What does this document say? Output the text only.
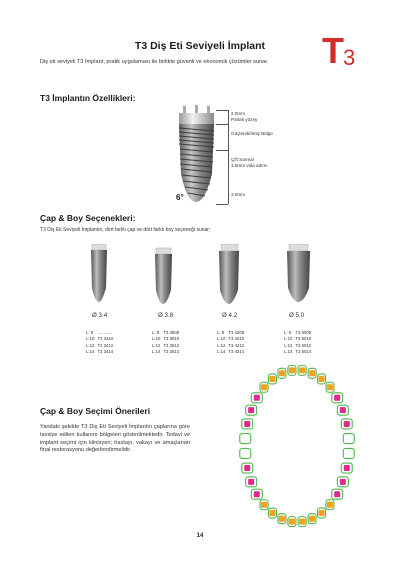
T3 Diş Eti Seviyeli İmplant	$T_3$
Diş eti seviyeli T3 İmplant, pratik uygulaması ile birlikte güvenli ve ekonomik çözümler sunar.
T3 İmplantın Özellikleri:
6°
2.0mm
Parlak yüzey
Güçlendirilmiş Bölge
Çift Sarmal
1.5mm vida adımı
3.0mm
Çap & Boy Seçenekleri:
T3 Diş Eti Seviyeli İmplantın, dört farklı çap ve dört farklı boy seçeneği sunar;
Ø 3.4	Ø 3.8	Ø 4.2	Ø 5.0
L: 8	............
L:10	T3 3410
L:12	T3 3412
L:14	T3 3414
L: 8	T3 3808
L:10	T3 3810
L:12	T3 3812
L:14	T3 3814
L: 8	T3 4208
L:10	T3 4210
L:12	T3 4212
L:14	T3 4214
L: 8	T3 5008
L:10	T3 5010
L:12	T3 5012
L:14	T3 5014
Çap & Boy Seçimi Önerileri
Yandaki şekilde T3 Diş Eti Seviyeli İmplantın çaplarına göre tavsiye edilen kullanım bölgeleri gösterilmektedir. Tedavi ve implant seçimi için klinisyen; hastayı, vakayı ve amaçlanan final restorasyonu değerlendirmelidir.
14
